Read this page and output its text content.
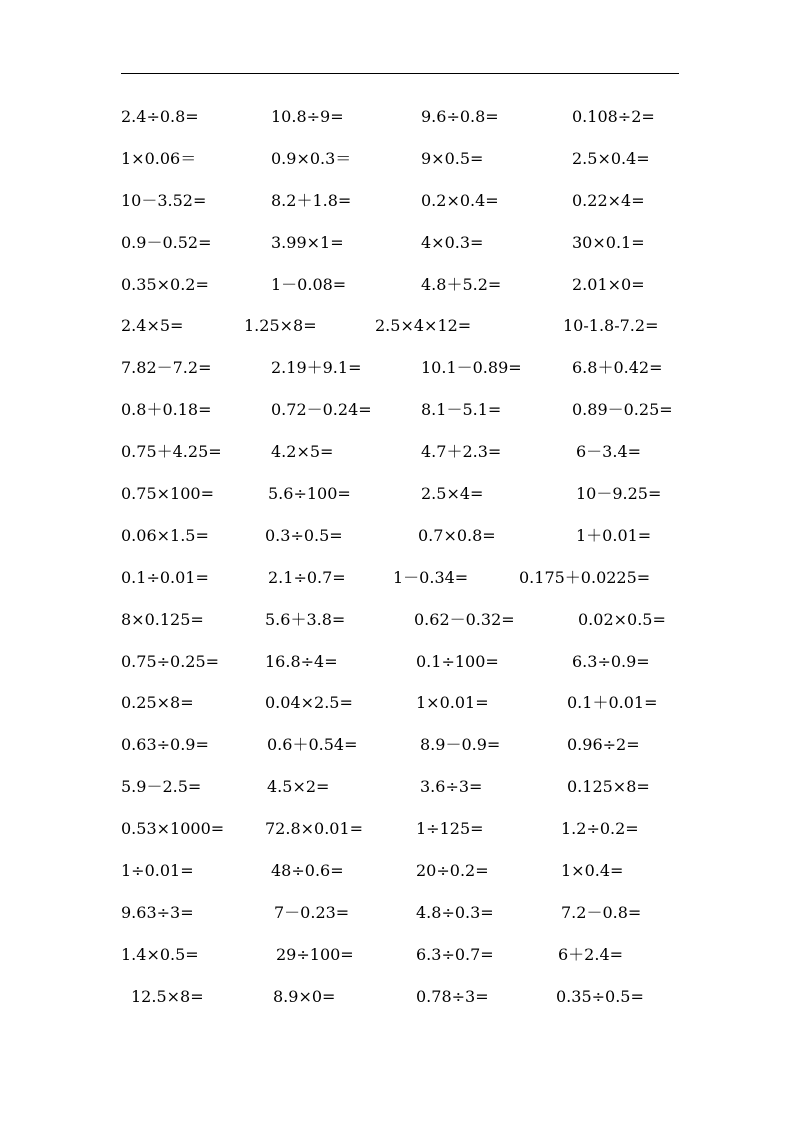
2.4÷0.8=	10.8÷9=	9.6÷0.8=	0.108÷2=
1×0.06＝	0.9×0.3＝	9×0.5=	2.5×0.4=
10－3.52=	8.2＋1.8=	0.2×0.4=	0.22×4=
0.9－0.52=	3.99×1=	4×0.3=	30×0.1=
0.35×0.2=	1－0.08=	4.8＋5.2=	2.01×0=
2.4×5=	1.25×8=	2.5×4×12=	10-1.8-7.2=
7.82－7.2=	2.19＋9.1=	10.1－0.89=	6.8＋0.42=
0.8＋0.18=	0.72－0.24=	8.1－5.1=	0.89－0.25=
0.75＋4.25=	4.2×5=	4.7＋2.3=	6－3.4=
0.75×100=	5.6÷100=	2.5×4=	10－9.25=
0.06×1.5=	0.3÷0.5=	0.7×0.8=	1＋0.01=
0.1÷0.01=	2.1÷0.7=	1－0.34=	0.175＋0.0225=
8×0.125=	5.6＋3.8=	0.62－0.32=	0.02×0.5=
0.75÷0.25=	16.8÷4=	0.1÷100=	6.3÷0.9=
0.25×8=	0.04×2.5=	1×0.01=	0.1＋0.01=
0.63÷0.9=	0.6＋0.54=	8.9－0.9=	0.96÷2=
5.9－2.5=	4.5×2=	3.6÷3=	0.125×8=
0.53×1000=	72.8×0.01=	1÷125=	1.2÷0.2=
1÷0.01=	48÷0.6=	20÷0.2=	1×0.4=
9.63÷3=	7－0.23=	4.8÷0.3=	7.2－0.8=
1.4×0.5=	29÷100=	6.3÷0.7=	6＋2.4=
12.5×8=	8.9×0=	0.78÷3=	0.35÷0.5=
